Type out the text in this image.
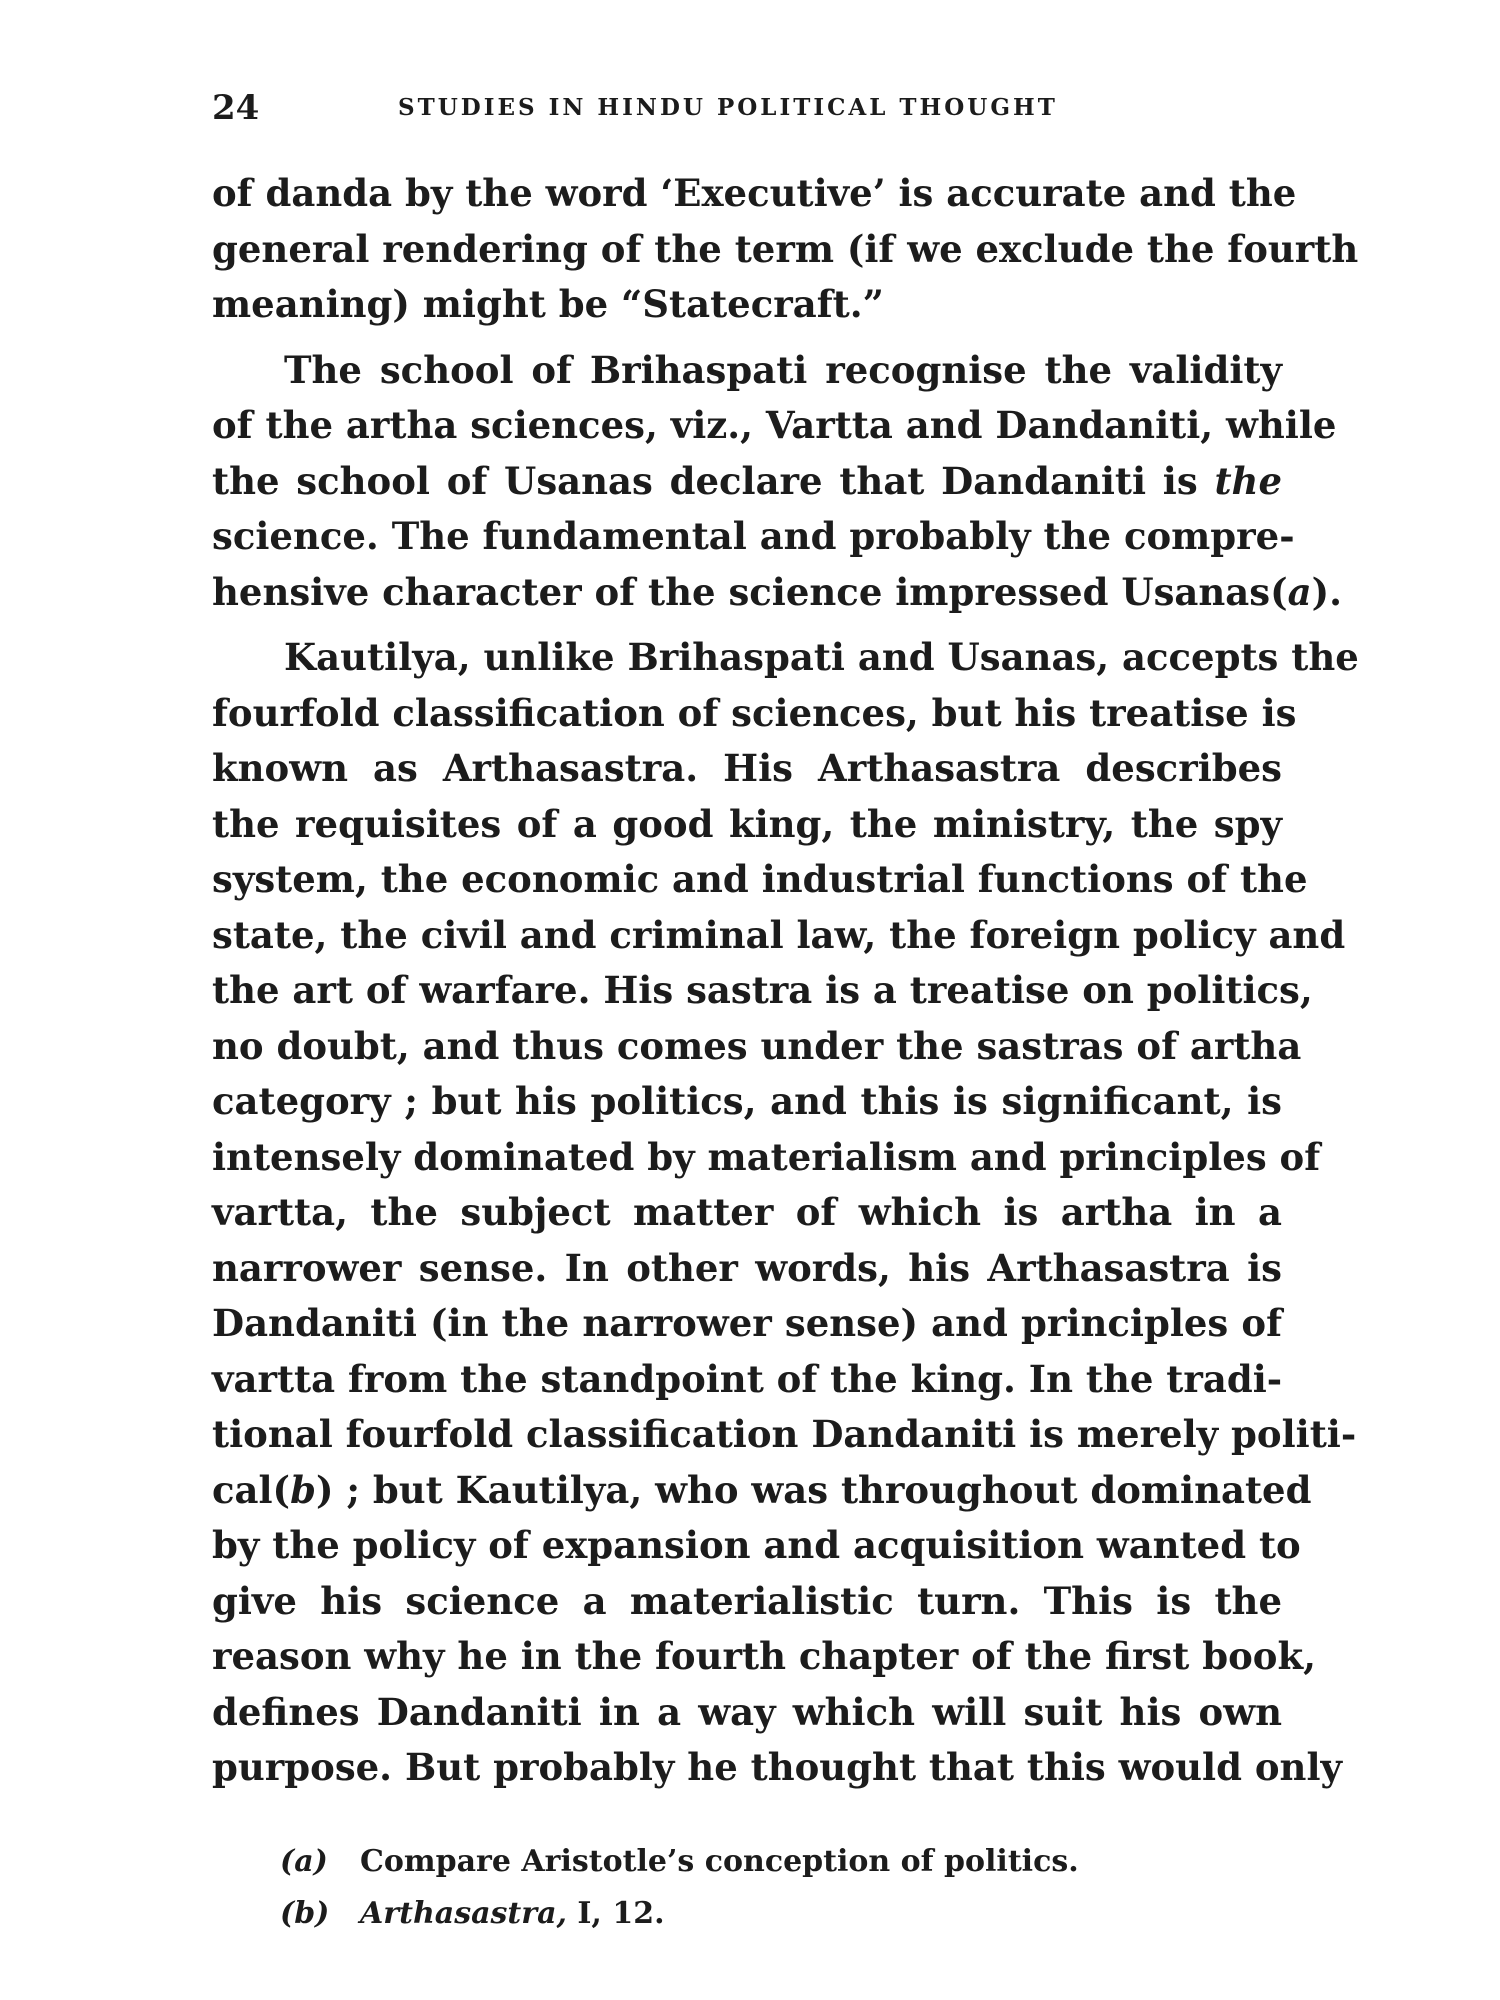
24	STUDIES IN HINDU POLITICAL THOUGHT
of danda by the word ‘Executive’ is accurate and the
general rendering of the term (if we exclude the fourth
meaning) might be “Statecraft.”
The school of Brihaspati recognise the validity
of the artha sciences, viz., Vartta and Dandaniti, while
the school of Usanas declare that Dandaniti is the
science. The fundamental and probably the compre-
hensive character of the science impressed Usanas(a).
Kautilya, unlike Brihaspati and Usanas, accepts the
fourfold classification of sciences, but his treatise is
known as Arthasastra. His Arthasastra describes
the requisites of a good king, the ministry, the spy
system, the economic and industrial functions of the
state, the civil and criminal law, the foreign policy and
the art of warfare. His sastra is a treatise on politics,
no doubt, and thus comes under the sastras of artha
category ; but his politics, and this is significant, is
intensely dominated by materialism and principles of
vartta, the subject matter of which is artha in a
narrower sense. In other words, his Arthasastra is
Dandaniti (in the narrower sense) and principles of
vartta from the standpoint of the king. In the tradi-
tional fourfold classification Dandaniti is merely politi-
cal(b) ; but Kautilya, who was throughout dominated
by the policy of expansion and acquisition wanted to
give his science a materialistic turn. This is the
reason why he in the fourth chapter of the first book,
defines Dandaniti in a way which will suit his own
purpose. But probably he thought that this would only
(a) Compare Aristotle’s conception of politics.
(b) Arthasastra, I, 12.
